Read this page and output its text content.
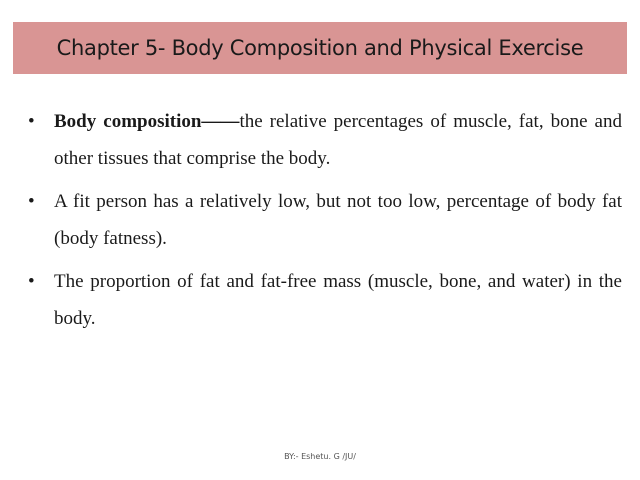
Chapter 5- Body Composition and Physical Exercise
• Body composition——the relative percentages of muscle, fat, bone and other tissues that comprise the body.
• A fit person has a relatively low, but not too low, percentage of body fat (body fatness).
• The proportion of fat and fat-free mass (muscle, bone, and water) in the body.
BY:- Eshetu. G /JU/
